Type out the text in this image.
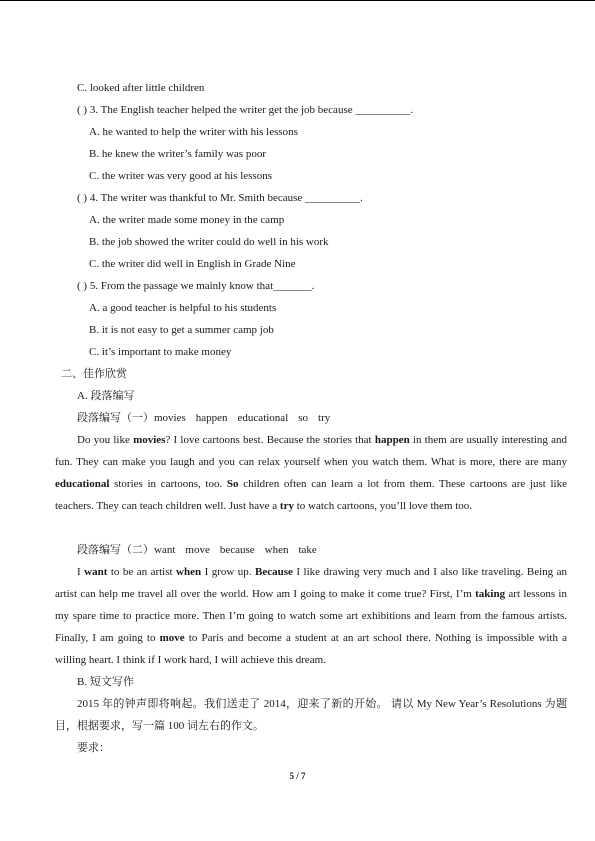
C. looked after little children
( ) 3. The English teacher helped the writer get the job because __________.
A. he wanted to help the writer with his lessons
B. he knew the writer’s family was poor
C. the writer was very good at his lessons
( ) 4. The writer was thankful to Mr. Smith because __________.
A. the writer made some money in the camp
B. the job showed the writer could do well in his work
C. the writer did well in English in Grade Nine
( ) 5. From the passage we mainly know that_______.
A. a good teacher is helpful to his students
B. it is not easy to get a summer camp job
C. it’s important to make money
二、佳作欣赏
A. 段落编写
段落编写（一）movies happen educational so try
Do you like movies? I love cartoons best. Because the stories that happen in them are usually interesting and fun. They can make you laugh and you can relax yourself when you watch them. What is more, there are many educational stories in cartoons, too. So children often can learn a lot from them. These cartoons are just like teachers. They can teach children well. Just have a try to watch cartoons, you’ll love them too.
段落编写（二）want move because when take
I want to be an artist when I grow up. Because I like drawing very much and I also like traveling. Being an artist can help me travel all over the world. How am I going to make it come true? First, I’m taking art lessons in my spare time to practice more. Then I’m going to watch some art exhibitions and learn from the famous artists. Finally, I am going to move to Paris and become a student at an art school there. Nothing is impossible with a willing heart. I think if I work hard, I will achieve this dream.
B. 短文写作
2015 年的钟声即将响起。我们送走了 2014，迎来了新的开始。 请以 My New Year’s Resolutions 为题目，根据要求，写一篇 100 词左右的作文。
要求：
5 / 7
